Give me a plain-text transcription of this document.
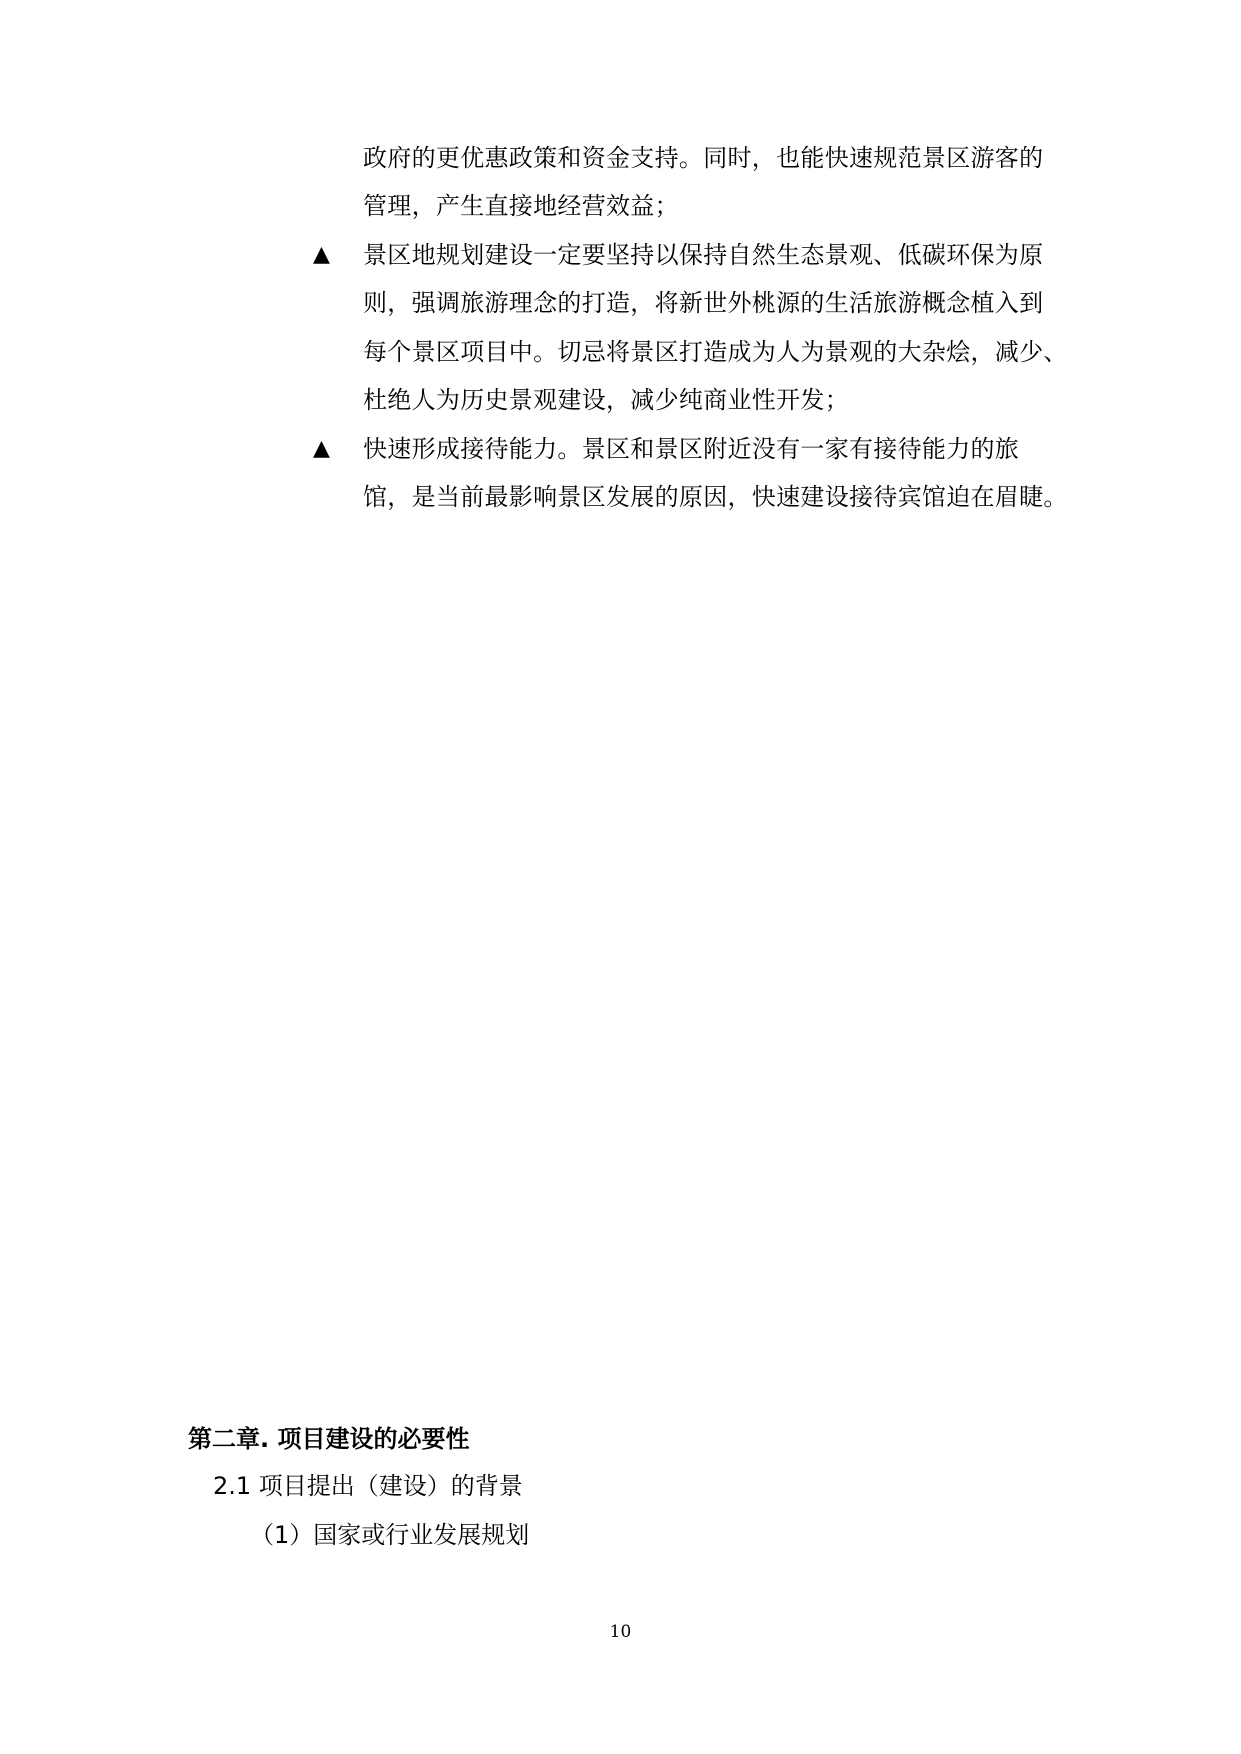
政府的更优惠政策和资金支持。同时，也能快速规范景区游客的
管理，产生直接地经营效益；
▲ 景区地规划建设一定要坚持以保持自然生态景观、低碳环保为原
则，强调旅游理念的打造，将新世外桃源的生活旅游概念植入到
每个景区项目中。切忌将景区打造成为人为景观的大杂烩，减少、
杜绝人为历史景观建设，减少纯商业性开发；
▲ 快速形成接待能力。景区和景区附近没有一家有接待能力的旅
馆，是当前最影响景区发展的原因，快速建设接待宾馆迫在眉睫。
第二章. 项目建设的必要性
2.1 项目提出（建设）的背景
（1）国家或行业发展规划
10
